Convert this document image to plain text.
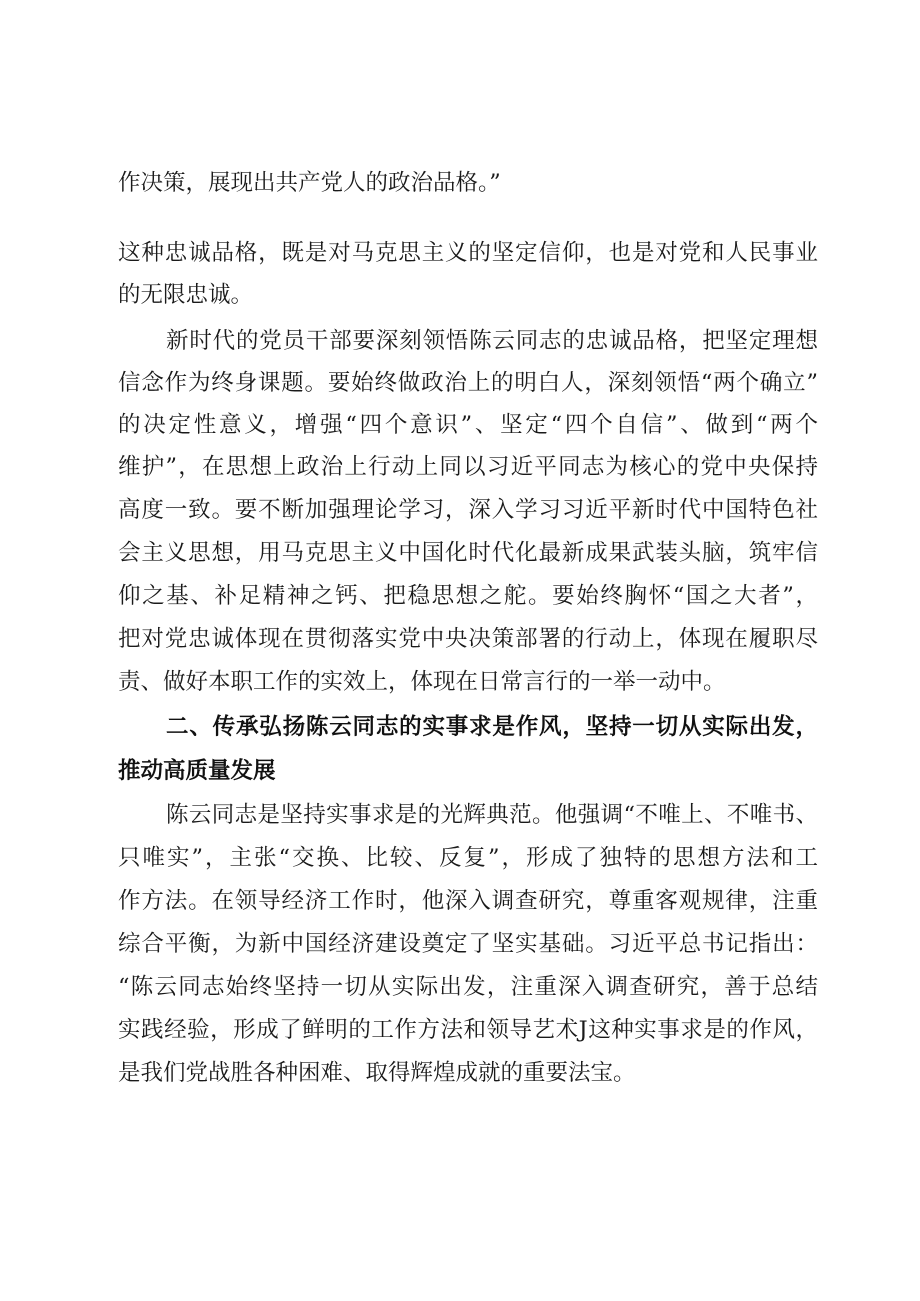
作决策，展现出共产党人的政治品格。”
这种忠诚品格，既是对马克思主义的坚定信仰，也是对党和人民事业
的无限忠诚。
新时代的党员干部要深刻领悟陈云同志的忠诚品格，把坚定理想
信念作为终身课题。要始终做政治上的明白人，深刻领悟“两个确立”
的决定性意义，增强“四个意识”、坚定“四个自信”、做到“两个
维护”，在思想上政治上行动上同以习近平同志为核心的党中央保持
高度一致。要不断加强理论学习，深入学习习近平新时代中国特色社
会主义思想，用马克思主义中国化时代化最新成果武装头脑，筑牢信
仰之基、补足精神之钙、把稳思想之舵。要始终胸怀“国之大者”，
把对党忠诚体现在贯彻落实党中央决策部署的行动上，体现在履职尽
责、做好本职工作的实效上，体现在日常言行的一举一动中。
二、传承弘扬陈云同志的实事求是作风，坚持一切从实际出发，
推动高质量发展
陈云同志是坚持实事求是的光辉典范。他强调“不唯上、不唯书、
只唯实”，主张“交换、比较、反复”，形成了独特的思想方法和工
作方法。在领导经济工作时，他深入调查研究，尊重客观规律，注重
综合平衡，为新中国经济建设奠定了坚实基础。习近平总书记指出：
“陈云同志始终坚持一切从实际出发，注重深入调查研究，善于总结
实践经验，形成了鲜明的工作方法和领导艺术J这种实事求是的作风，
是我们党战胜各种困难、取得辉煌成就的重要法宝。
